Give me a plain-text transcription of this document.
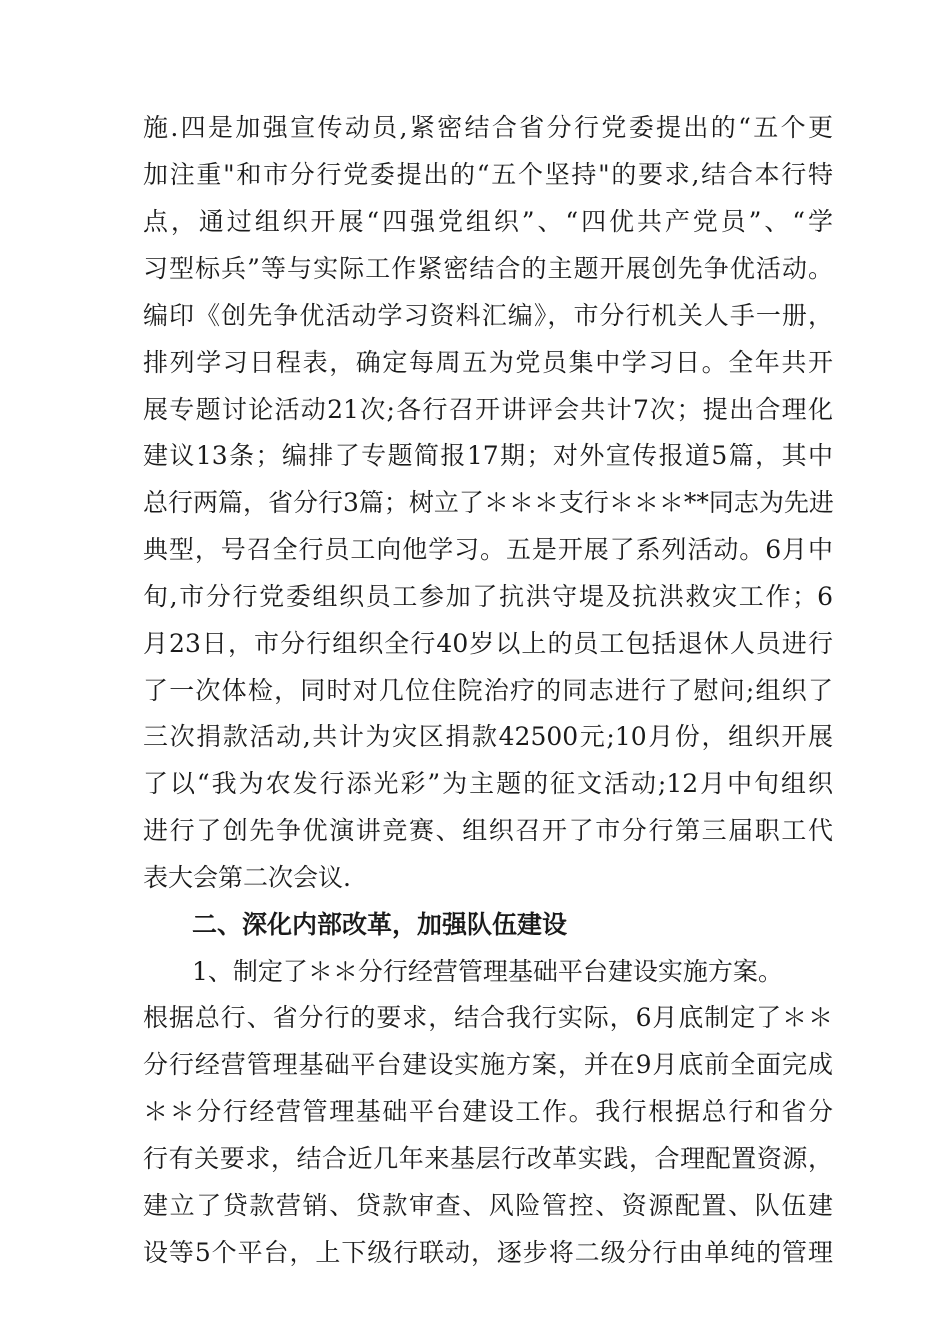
施.四是加强宣传动员,紧密结合省分行党委提出的“五个更
加注重"和市分行党委提出的“五个坚持"的要求,结合本行特
点，通过组织开展“四强党组织”、“四优共产党员”、“学
习型标兵”等与实际工作紧密结合的主题开展创先争优活动。
编印《创先争优活动学习资料汇编》，市分行机关人手一册，
排列学习日程表，确定每周五为党员集中学习日。全年共开
展专题讨论活动21次;各行召开讲评会共计7次；提出合理化
建议13条；编排了专题简报17期；对外宣传报道5篇，其中
总行两篇，省分行3篇；树立了＊＊＊支行＊＊＊**同志为先进
典型，号召全行员工向他学习。五是开展了系列活动。6月中
旬,市分行党委组织员工参加了抗洪守堤及抗洪救灾工作；6
月23日，市分行组织全行40岁以上的员工包括退休人员进行
了一次体检，同时对几位住院治疗的同志进行了慰问;组织了
三次捐款活动,共计为灾区捐款42500元;10月份，组织开展
了以“我为农发行添光彩”为主题的征文活动;12月中旬组织
进行了创先争优演讲竞赛、组织召开了市分行第三届职工代
表大会第二次会议.
二、深化内部改革，加强队伍建设
1、制定了＊＊分行经营管理基础平台建设实施方案。
根据总行、省分行的要求，结合我行实际，6月底制定了＊＊
分行经营管理基础平台建设实施方案，并在9月底前全面完成
＊＊分行经营管理基础平台建设工作。我行根据总行和省分
行有关要求，结合近几年来基层行改革实践，合理配置资源，
建立了贷款营销、贷款审查、风险管控、资源配置、队伍建
设等5个平台，上下级行联动，逐步将二级分行由单纯的管理
